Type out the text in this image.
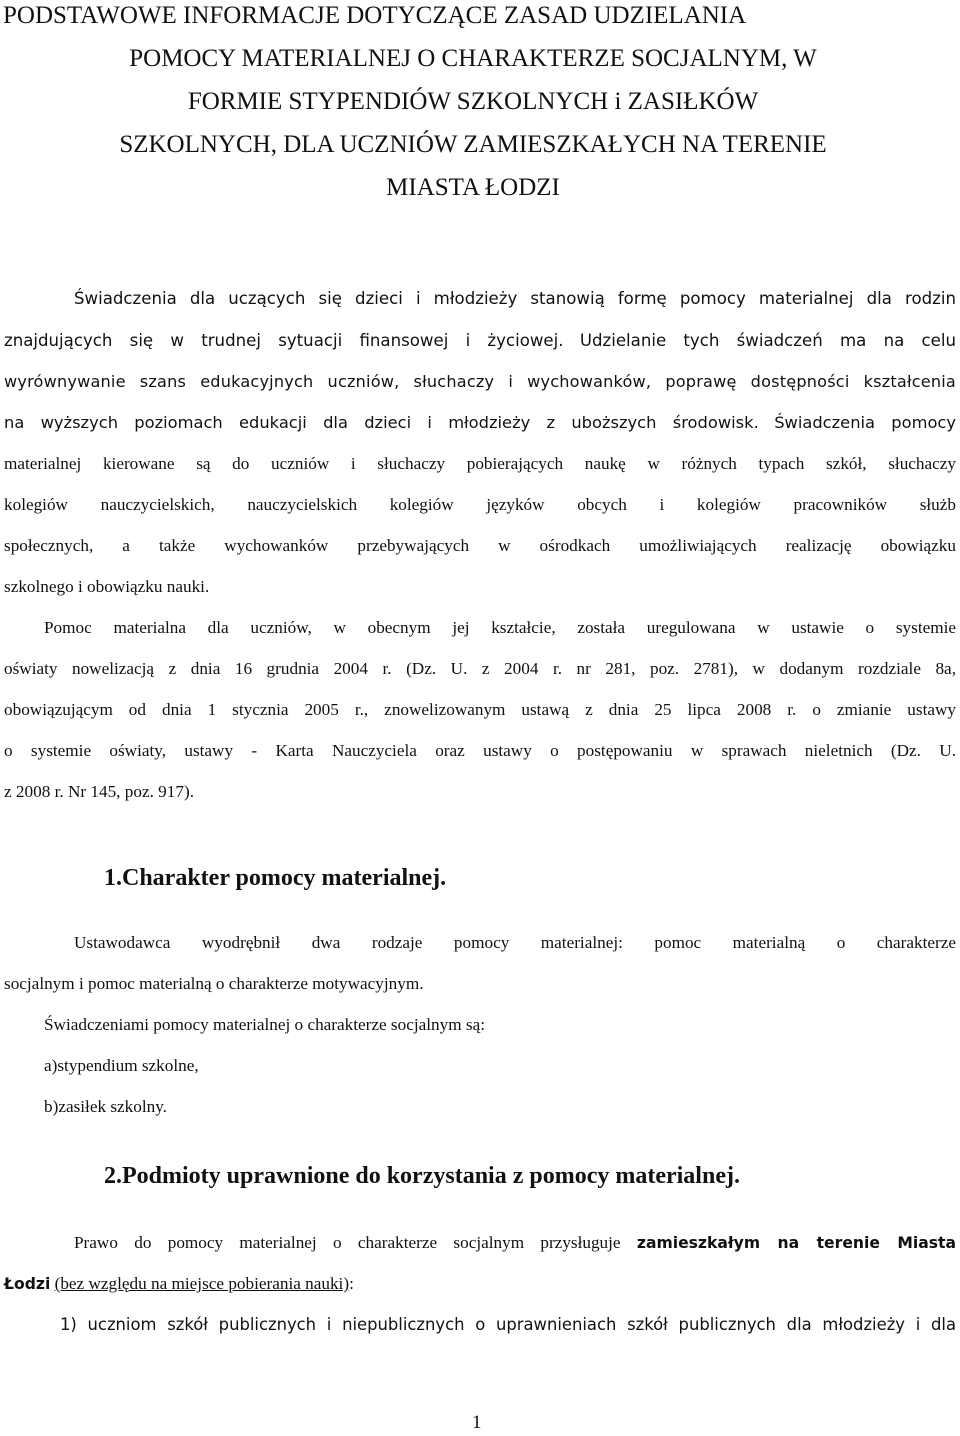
PODSTAWOWE INFORMACJE DOTYCZĄCE ZASAD UDZIELANIA
POMOCY MATERIALNEJ O CHARAKTERZE SOCJALNYM, W
FORMIE STYPENDIÓW SZKOLNYCH i ZASIŁKÓW
SZKOLNYCH, DLA UCZNIÓW ZAMIESZKAŁYCH NA TERENIE
MIASTA ŁODZI
Świadczenia dla uczących się dzieci i młodzieży stanowią formę pomocy materialnej dla rodzin
znajdujących się w trudnej sytuacji finansowej i życiowej. Udzielanie tych świadczeń ma na celu
wyrównywanie szans edukacyjnych uczniów, słuchaczy i wychowanków, poprawę dostępności kształcenia
na wyższych poziomach edukacji dla dzieci i młodzieży z uboższych środowisk. Świadczenia pomocy
materialnej kierowane są do uczniów i słuchaczy pobierających naukę w różnych typach szkół, słuchaczy
kolegiów nauczycielskich, nauczycielskich kolegiów języków obcych i kolegiów pracowników służb
społecznych, a także wychowanków przebywających w ośrodkach umożliwiających realizację obowiązku
szkolnego i obowiązku nauki.
Pomoc materialna dla uczniów, w obecnym jej kształcie, została uregulowana w ustawie o systemie
oświaty nowelizacją z dnia 16 grudnia 2004 r. (Dz. U. z 2004 r. nr 281, poz. 2781), w dodanym rozdziale 8a,
obowiązującym od dnia 1 stycznia 2005 r., znowelizowanym ustawą z dnia 25 lipca 2008 r. o zmianie ustawy
o systemie oświaty, ustawy - Karta Nauczyciela oraz ustawy o postępowaniu w sprawach nieletnich (Dz. U.
z 2008 r. Nr 145, poz. 917).
1.Charakter pomocy materialnej.
Ustawodawca wyodrębnił dwa rodzaje pomocy materialnej: pomoc materialną o charakterze
socjalnym i pomoc materialną o charakterze motywacyjnym.
Świadczeniami pomocy materialnej o charakterze socjalnym są:
a)stypendium szkolne,
b)zasiłek szkolny.
2.Podmioty uprawnione do korzystania z pomocy materialnej.
Prawo do pomocy materialnej o charakterze socjalnym przysługuje zamieszkałym na terenie Miasta
Łodzi (bez względu na miejsce pobierania nauki):
1) uczniom szkół publicznych i niepublicznych o uprawnieniach szkół publicznych dla młodzieży i dla
1
